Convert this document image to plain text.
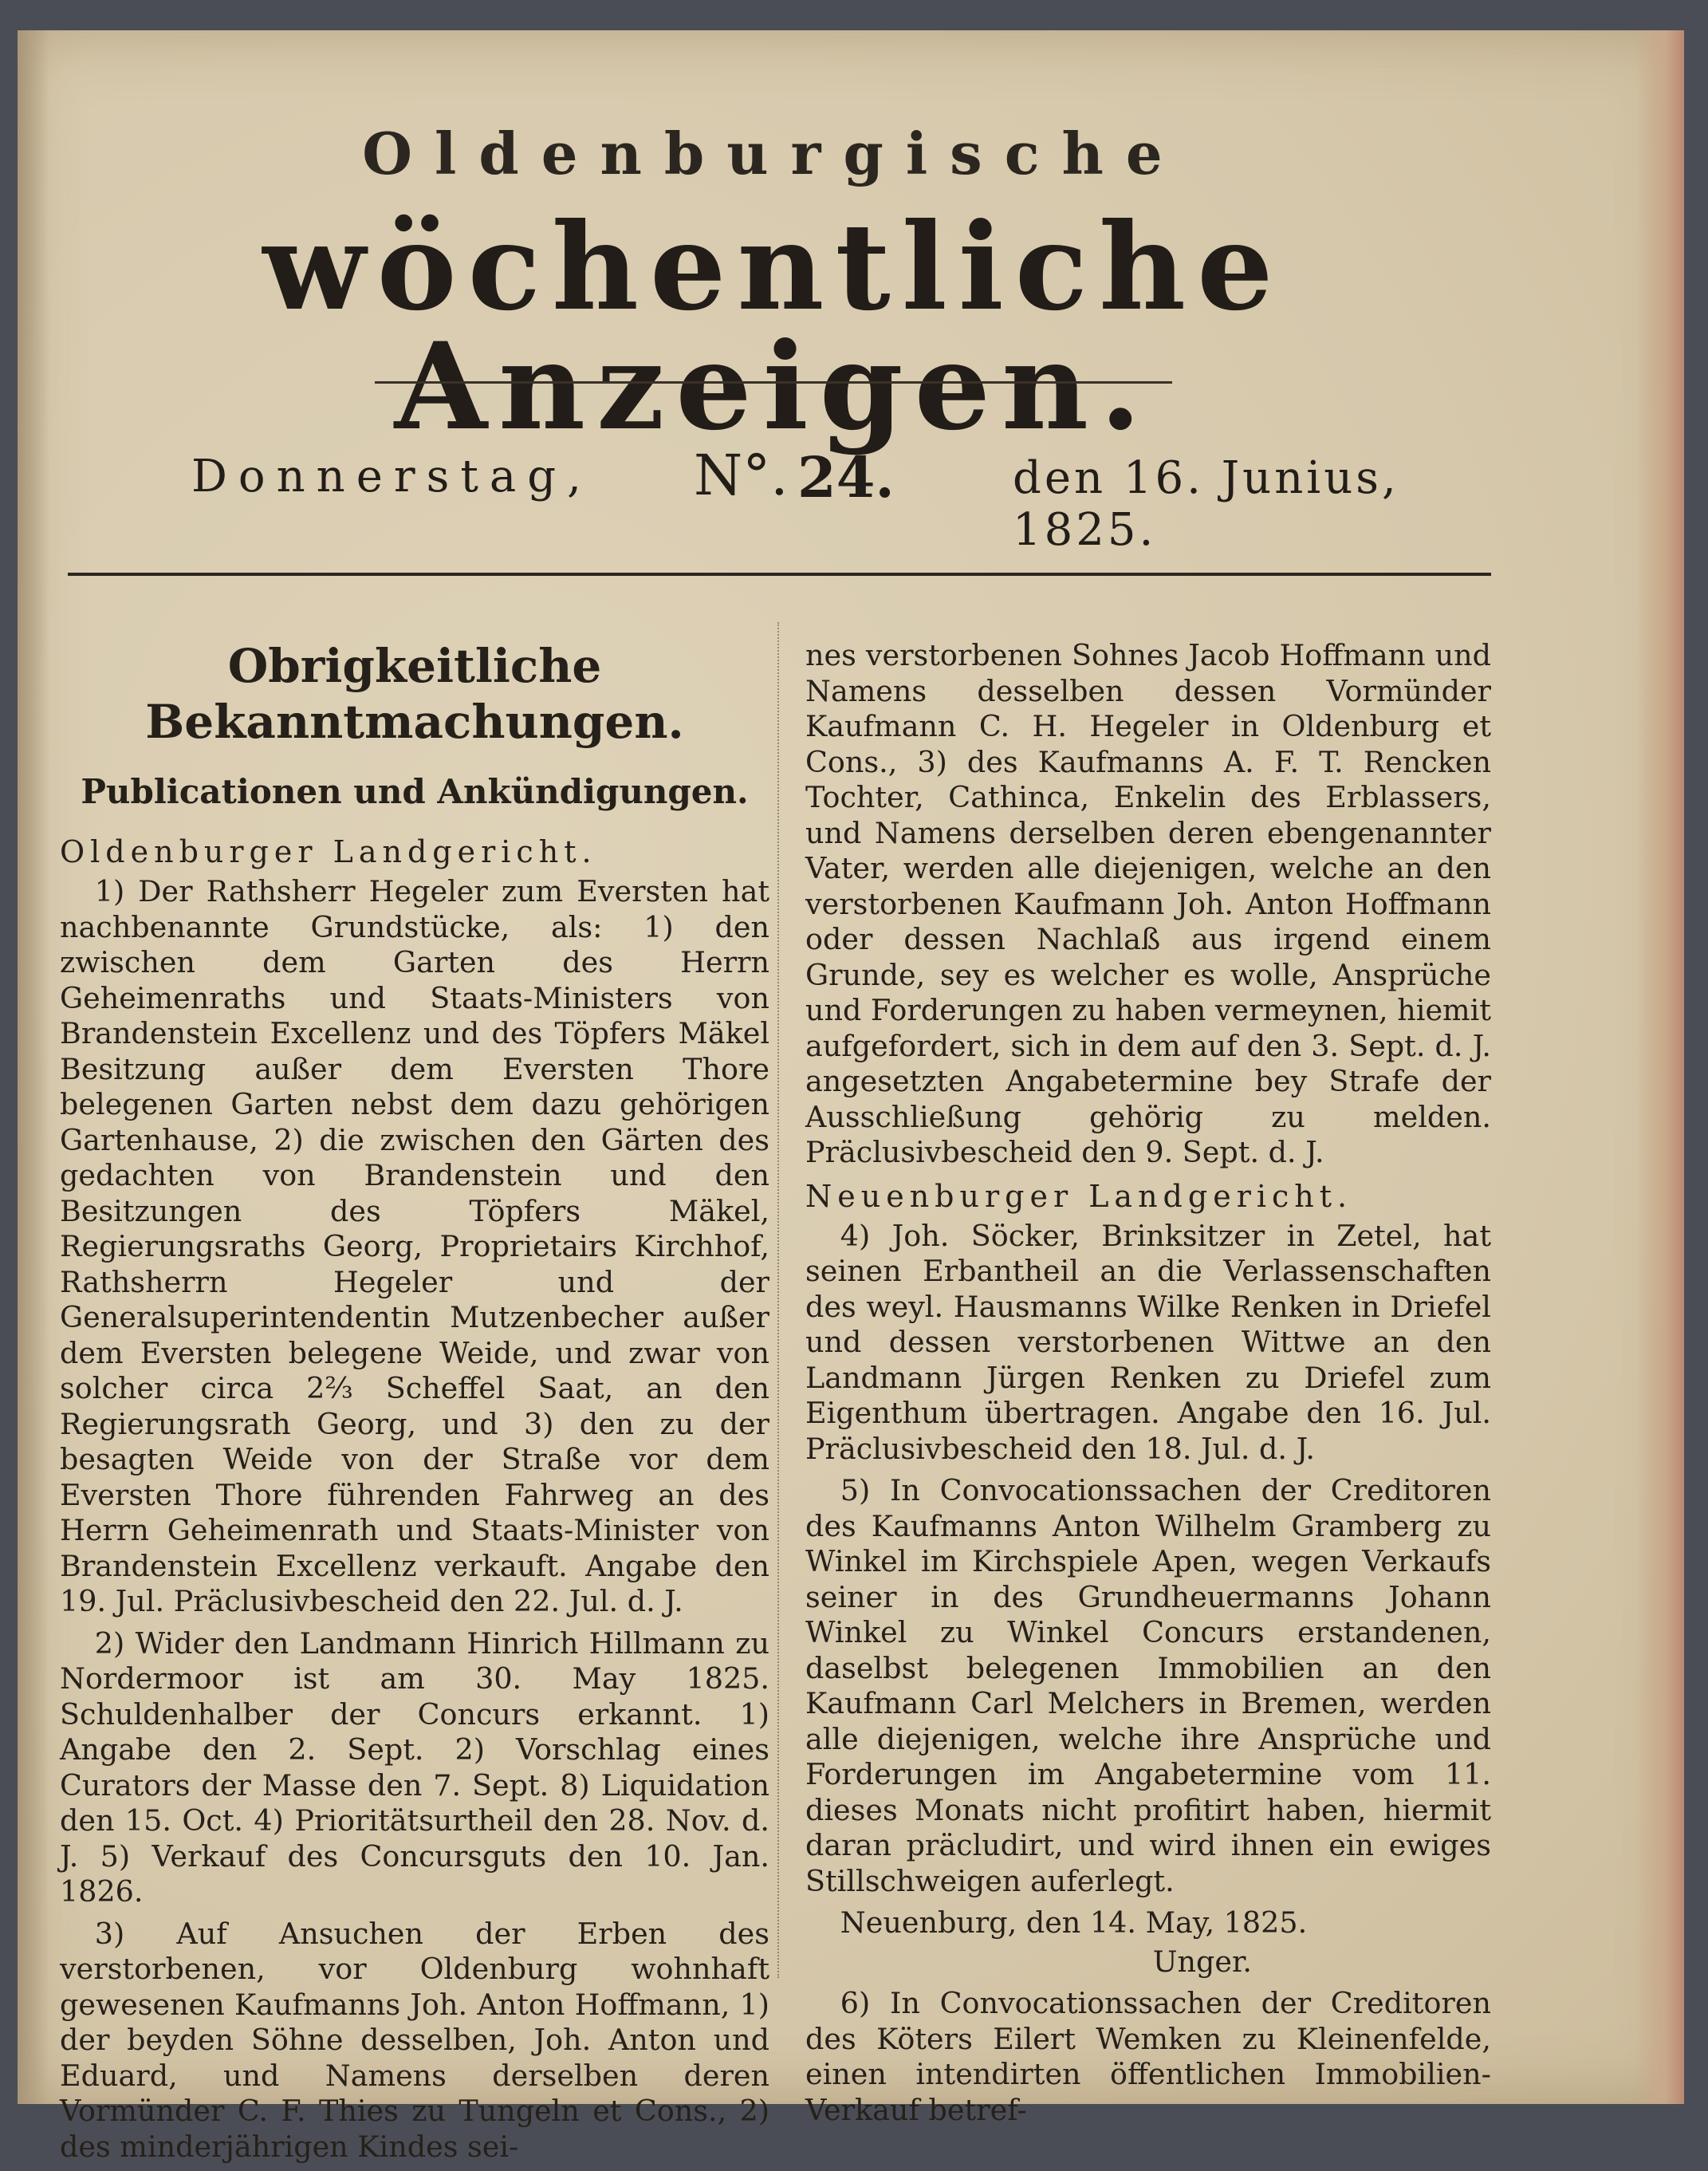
Oldenburgische
wöchentliche Anzeigen.
Donnerstag, N°. 24.	den 16. Junius, 1825.
Obrigkeitliche Bekanntmachungen.
Publicationen und Ankündigungen.
Oldenburger Landgericht.

1) Der Rathsherr Hegeler zum Eversten hat nachbenannte Grundstücke, als: 1) den zwischen dem Garten des Herrn Geheimenraths und Staats-Ministers von Brandenstein Excellenz und des Töpfers Mäkel Besitzung außer dem Eversten Thore belegenen Garten nebst dem dazu gehörigen Gartenhause, 2) die zwischen den Gärten des gedachten von Brandenstein und den Besitzungen des Töpfers Mäkel, Regierungsraths Georg, Proprietairs Kirchhof, Rathsherrn Hegeler und der Generalsuperintendentin Mutzenbecher außer dem Eversten belegene Weide, und zwar von solcher circa 2⅔ Scheffel Saat, an den Regierungsrath Georg, und 3) den zu der besagten Weide von der Straße vor dem Eversten Thore führenden Fahrweg an des Herrn Geheimenrath und Staats-Minister von Brandenstein Excellenz verkauft. Angabe den 19. Jul. Präclusivbescheid den 22. Jul. d. J.

2) Wider den Landmann Hinrich Hillmann zu Nordermoor ist am 30. May 1825. Schuldenhalber der Concurs erkannt. 1) Angabe den 2. Sept. 2) Vorschlag eines Curators der Masse den 7. Sept. 8) Liquidation den 15. Oct. 4) Prioritätsurtheil den 28. Nov. d. J. 5) Verkauf des Concursguts den 10. Jan. 1826.

3) Auf Ansuchen der Erben des verstorbenen, vor Oldenburg wohnhaft gewesenen Kaufmanns Joh. Anton Hoffmann, 1) der beyden Söhne desselben, Joh. Anton und Eduard, und Namens derselben deren Vormünder C. F. Thies zu Tungeln et Cons., 2) des minderjährigen Kindes sei-

nes verstorbenen Sohnes Jacob Hoffmann und Namens desselben dessen Vormünder Kaufmann C. H. Hegeler in Oldenburg et Cons., 3) des Kaufmanns A. F. T. Rencken Tochter, Cathinca, Enkelin des Erblassers, und Namens derselben deren ebengenannter Vater, werden alle diejenigen, welche an den verstorbenen Kaufmann Joh. Anton Hoffmann oder dessen Nachlaß aus irgend einem Grunde, sey es welcher es wolle, Ansprüche und Forderungen zu haben vermeynen, hiemit aufgefordert, sich in dem auf den 3. Sept. d. J. angesetzten Angabetermine bey Strafe der Ausschließung gehörig zu melden. Präclusivbescheid den 9. Sept. d. J.

Neuenburger Landgericht.

4) Joh. Söcker, Brinksitzer in Zetel, hat seinen Erbantheil an die Verlassenschaften des weyl. Hausmanns Wilke Renken in Driefel und dessen verstorbenen Wittwe an den Landmann Jürgen Renken zu Driefel zum Eigenthum übertragen. Angabe den 16. Jul. Präclusivbescheid den 18. Jul. d. J.

5) In Convocationssachen der Creditoren des Kaufmanns Anton Wilhelm Gramberg zu Winkel im Kirchspiele Apen, wegen Verkaufs seiner in des Grundheuermanns Johann Winkel zu Winkel Concurs erstandenen, daselbst belegenen Immobilien an den Kaufmann Carl Melchers in Bremen, werden alle diejenigen, welche ihre Ansprüche und Forderungen im Angabetermine vom 11. dieses Monats nicht profitirt haben, hiermit daran präcludirt, und wird ihnen ein ewiges Stillschweigen auferlegt.

Neuenburg, den 14. May, 1825.

Unger.

6) In Convocationssachen der Creditoren des Köters Eilert Wemken zu Kleinenfelde, einen intendirten öffentlichen Immobilien-Verkauf betref-
